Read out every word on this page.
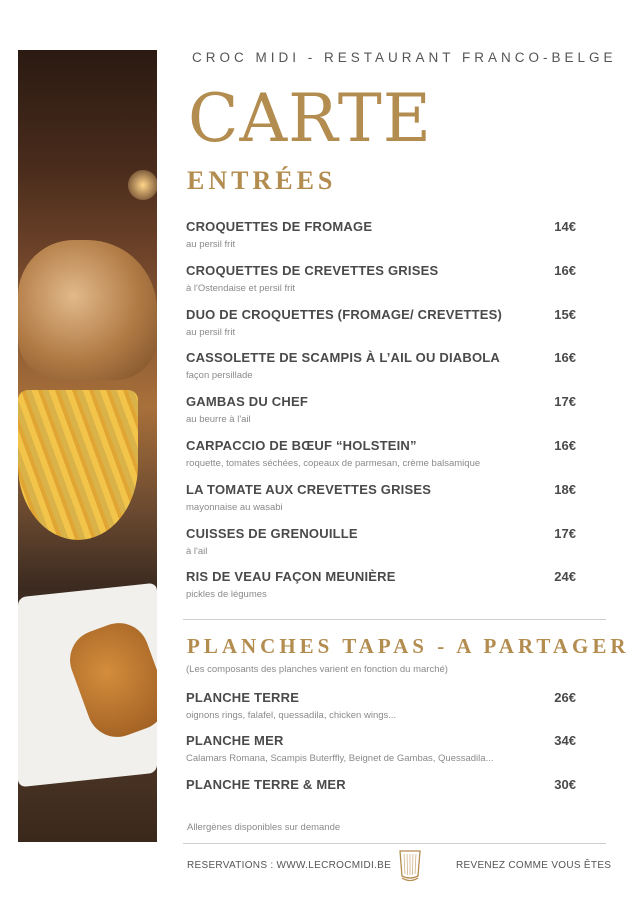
CROC MIDI - RESTAURANT FRANCO-BELGE
CARTE
ENTRÉES
CROQUETTES DE FROMAGE	14€
au persil frit
CROQUETTES DE CREVETTES GRISES	16€
à l'Ostendaise et persil frit
DUO DE CROQUETTES (FROMAGE/ CREVETTES)	15€
au persil frit
CASSOLETTE DE SCAMPIS À L’AIL OU DIABOLA	16€
façon persillade
GAMBAS DU CHEF	17€
au beurre à l'ail
CARPACCIO DE BŒUF “HOLSTEIN”	16€
roquette, tomates séchées, copeaux de parmesan, crème balsamique
LA TOMATE AUX CREVETTES GRISES	18€
mayonnaise au wasabi
CUISSES DE GRENOUILLE	17€
à l'ail
RIS DE VEAU FAÇON MEUNIÈRE	24€
pickles de légumes
PLANCHES TAPAS - A PARTAGER
(Les composants des planches varient en fonction du marché)
PLANCHE TERRE	26€
oignons rings, falafel, quessadila, chicken wings...
PLANCHE MER	34€
Calamars Romana, Scampis Buterffly, Beignet de Gambas, Quessadila...
PLANCHE TERRE & MER	30€
Allergènes disponibles sur demande
RESERVATIONS : WWW.LECROCMIDI.BE	REVENEZ COMME VOUS ÊTES
